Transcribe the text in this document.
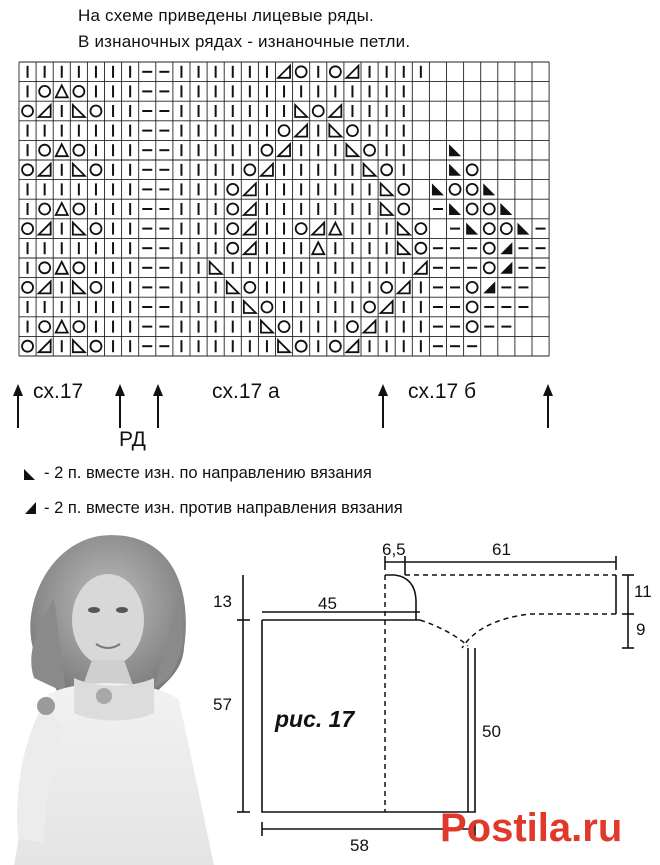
На схеме приведены лицевые ряды.
В изнаночных рядах - изнаночные петли.
сх.17	сх.17 а	сх.17 б
РД
- 2 п. вместе изн. по направлению вязания
- 2 п. вместе изн. против направления вязания
рис. 17
13	45
57
58
6,5	61
11
9
50
Postila.ru
